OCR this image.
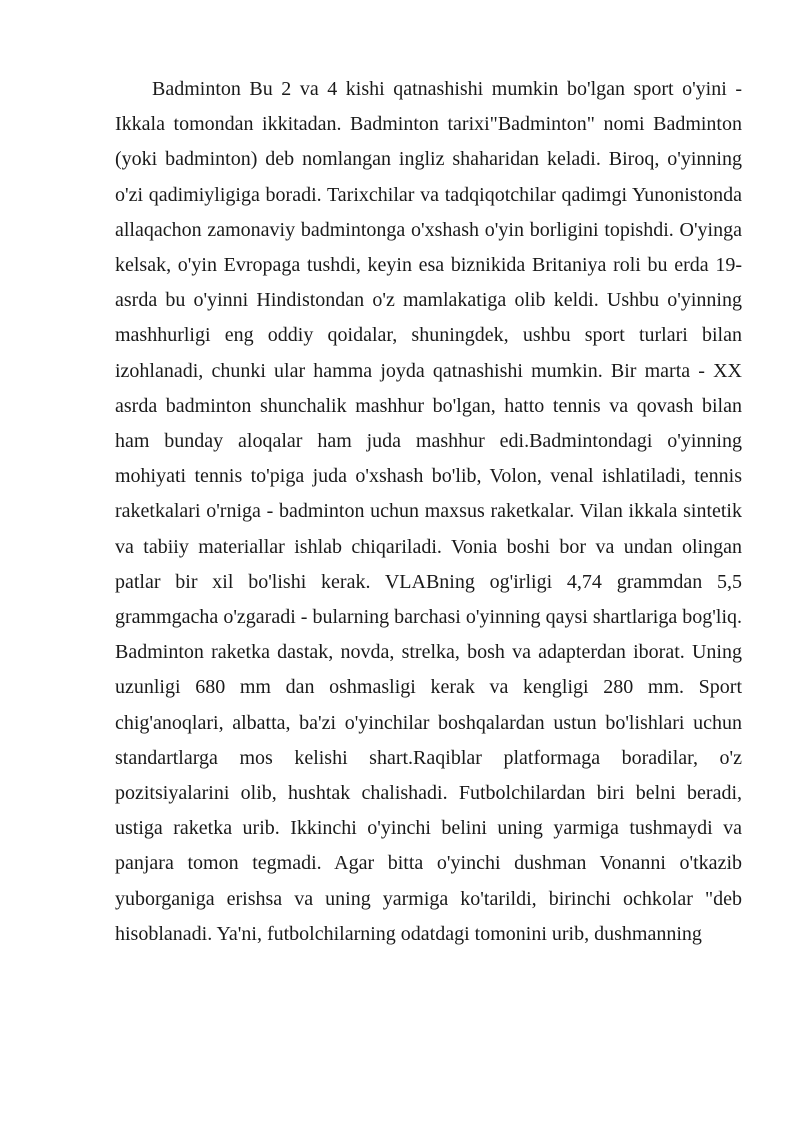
Badminton Bu 2 va 4 kishi qatnashishi mumkin bo'lgan sport o'yini - Ikkala tomondan ikkitadan. Badminton tarixi"Badminton" nomi Badminton (yoki badminton) deb nomlangan ingliz shaharidan keladi. Biroq, o'yinning o'zi qadimiyligiga boradi. Tarixchilar va tadqiqotchilar qadimgi Yunonistonda allaqachon zamonaviy badmintonga o'xshash o'yin borligini topishdi. O'yinga kelsak, o'yin Evropaga tushdi, keyin esa biznikida Britaniya roli bu erda 19-asrda bu o'yinni Hindistondan o'z mamlakatiga olib keldi. Ushbu o'yinning mashhurligi eng oddiy qoidalar, shuningdek, ushbu sport turlari bilan izohlanadi, chunki ular hamma joyda qatnashishi mumkin. Bir marta - XX asrda badminton shunchalik mashhur bo'lgan, hatto tennis va qovash bilan ham bunday aloqalar ham juda mashhur edi.Badmintondagi o'yinning mohiyati tennis to'piga juda o'xshash bo'lib, Volon, venal ishlatiladi, tennis raketkalari o'rniga - badminton uchun maxsus raketkalar. Vilan ikkala sintetik va tabiiy materiallar ishlab chiqariladi. Vonia boshi bor va undan olingan patlar bir xil bo'lishi kerak. VLABning og'irligi 4,74 grammdan 5,5 grammgacha o'zgaradi - bularning barchasi o'yinning qaysi shartlariga bog'liq. Badminton raketka dastak, novda, strelka, bosh va adapterdan iborat. Uning uzunligi 680 mm dan oshmasligi kerak va kengligi 280 mm. Sport chig'anoqlari, albatta, ba'zi o'yinchilar boshqalardan ustun bo'lishlari uchun standartlarga mos kelishi shart.Raqiblar platformaga boradilar, o'z pozitsiyalarini olib, hushtak chalishadi. Futbolchilardan biri belni beradi, ustiga raketka urib. Ikkinchi o'yinchi belini uning yarmiga tushmaydi va panjara tomon tegmadi. Agar bitta o'yinchi dushman Vonanni o'tkazib yuborganiga erishsa va uning yarmiga ko'tarildi, birinchi ochkolar "deb hisoblanadi. Ya'ni, futbolchilarning odatdagi tomonini urib, dushmanning
